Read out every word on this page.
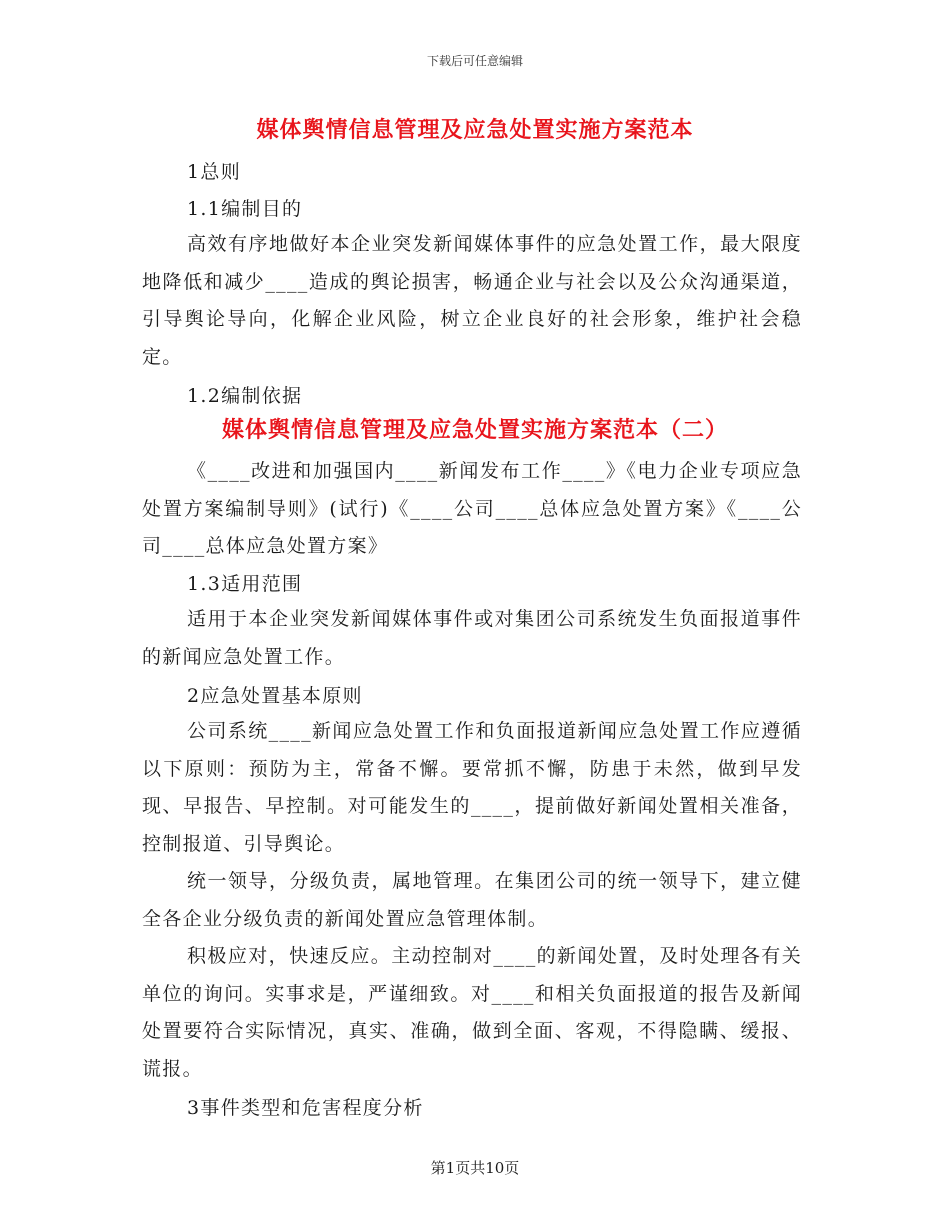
下载后可任意编辑
媒体舆情信息管理及应急处置实施方案范本
1总则
1.1编制目的
高效有序地做好本企业突发新闻媒体事件的应急处置工作，最大限度地降低和减少____造成的舆论损害，畅通企业与社会以及公众沟通渠道，引导舆论导向，化解企业风险，树立企业良好的社会形象，维护社会稳定。
1.2编制依据
媒体舆情信息管理及应急处置实施方案范本（二）
《____改进和加强国内____新闻发布工作____》《电力企业专项应急处置方案编制导则》(试行)《____公司____总体应急处置方案》《____公司____总体应急处置方案》
1.3适用范围
适用于本企业突发新闻媒体事件或对集团公司系统发生负面报道事件的新闻应急处置工作。
2应急处置基本原则
公司系统____新闻应急处置工作和负面报道新闻应急处置工作应遵循以下原则：预防为主，常备不懈。要常抓不懈，防患于未然，做到早发现、早报告、早控制。对可能发生的____，提前做好新闻处置相关准备，控制报道、引导舆论。
统一领导，分级负责，属地管理。在集团公司的统一领导下，建立健全各企业分级负责的新闻处置应急管理体制。
积极应对，快速反应。主动控制对____的新闻处置，及时处理各有关单位的询问。实事求是，严谨细致。对____和相关负面报道的报告及新闻处置要符合实际情况，真实、准确，做到全面、客观，不得隐瞒、缓报、谎报。
3事件类型和危害程度分析
第1页共10页
